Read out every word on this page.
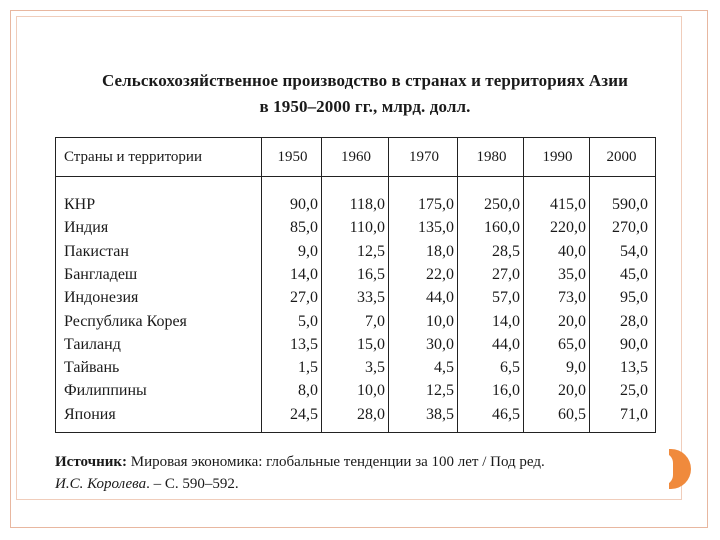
Сельскохозяйственное производство в странах и территориях Азии
в 1950–2000 гг., млрд. долл.
Страны и территории	1950	1960	1970	1980	1990	2000
КНР	90,0	118,0	175,0	250,0	415,0	590,0
Индия	85,0	110,0	135,0	160,0	220,0	270,0
Пакистан	9,0	12,5	18,0	28,5	40,0	54,0
Бангладеш	14,0	16,5	22,0	27,0	35,0	45,0
Индонезия	27,0	33,5	44,0	57,0	73,0	95,0
Республика Корея	5,0	7,0	10,0	14,0	20,0	28,0
Таиланд	13,5	15,0	30,0	44,0	65,0	90,0
Тайвань	1,5	3,5	4,5	6,5	9,0	13,5
Филиппины	8,0	10,0	12,5	16,0	20,0	25,0
Япония	24,5	28,0	38,5	46,5	60,5	71,0
Источник: Мировая экономика: глобальные тенденции за 100 лет / Под ред.
И.С. Королева. – С. 590–592.
